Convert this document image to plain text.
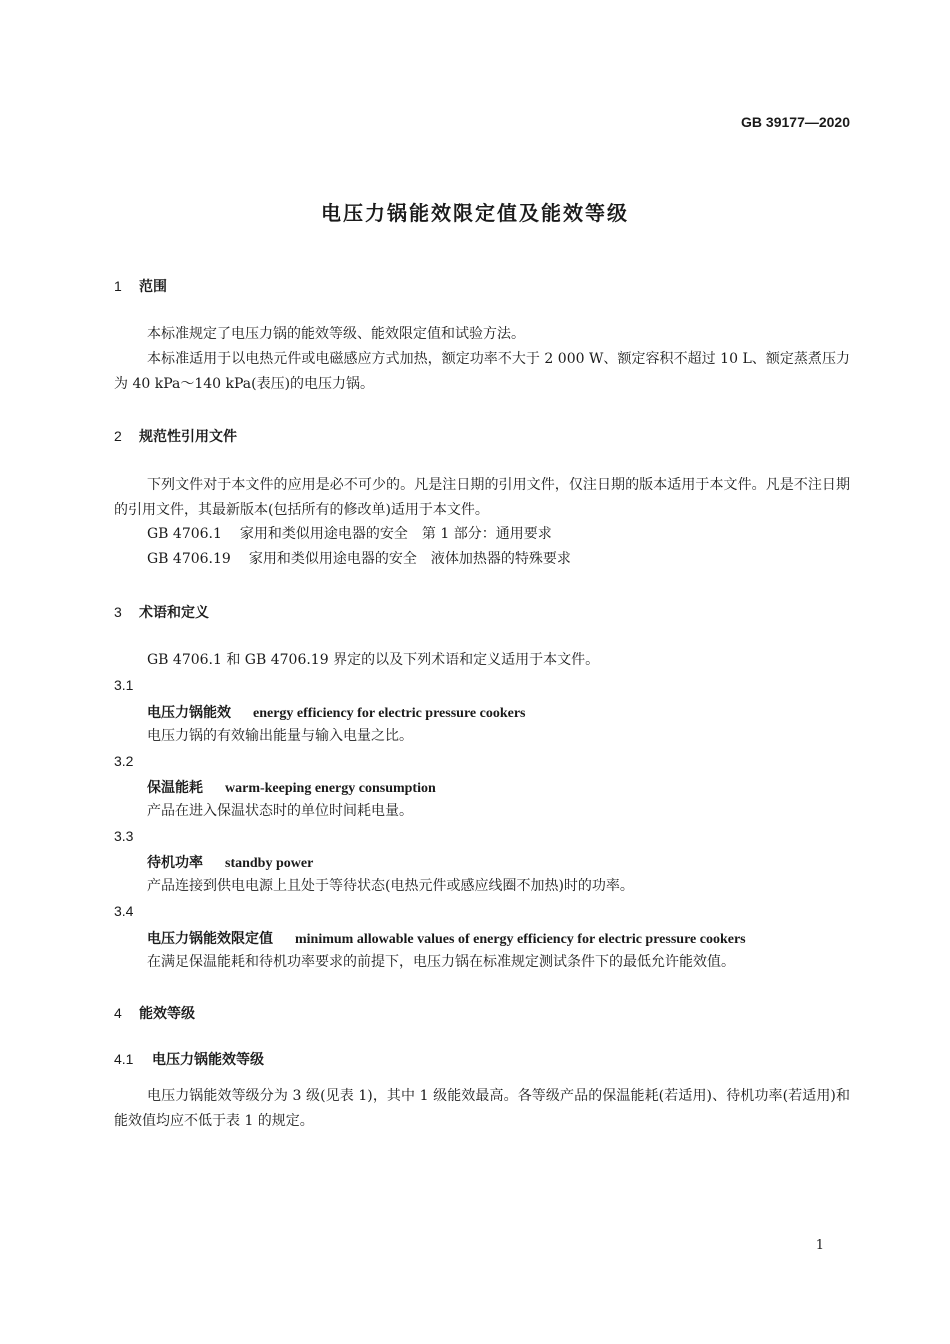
GB 39177—2020
电压力锅能效限定值及能效等级
1 范围
本标准规定了电压力锅的能效等级、能效限定值和试验方法。
本标准适用于以电热元件或电磁感应方式加热，额定功率不大于 2 000 W、额定容积不超过 10 L、额定蒸煮压力为 40 kPa～140 kPa(表压)的电压力锅。
2 规范性引用文件
下列文件对于本文件的应用是必不可少的。凡是注日期的引用文件，仅注日期的版本适用于本文件。凡是不注日期的引用文件，其最新版本(包括所有的修改单)适用于本文件。
GB 4706.1 家用和类似用途电器的安全　第 1 部分：通用要求
GB 4706.19 家用和类似用途电器的安全　液体加热器的特殊要求
3 术语和定义
GB 4706.1 和 GB 4706.19 界定的以及下列术语和定义适用于本文件。
3.1
电压力锅能效 energy efficiency for electric pressure cookers
电压力锅的有效输出能量与输入电量之比。
3.2
保温能耗 warm-keeping energy consumption
产品在进入保温状态时的单位时间耗电量。
3.3
待机功率 standby power
产品连接到供电电源上且处于等待状态(电热元件或感应线圈不加热)时的功率。
3.4
电压力锅能效限定值 minimum allowable values of energy efficiency for electric pressure cookers
在满足保温能耗和待机功率要求的前提下，电压力锅在标准规定测试条件下的最低允许能效值。
4 能效等级
4.1 电压力锅能效等级
电压力锅能效等级分为 3 级(见表 1)，其中 1 级能效最高。各等级产品的保温能耗(若适用)、待机功率(若适用)和能效值均应不低于表 1 的规定。
1
